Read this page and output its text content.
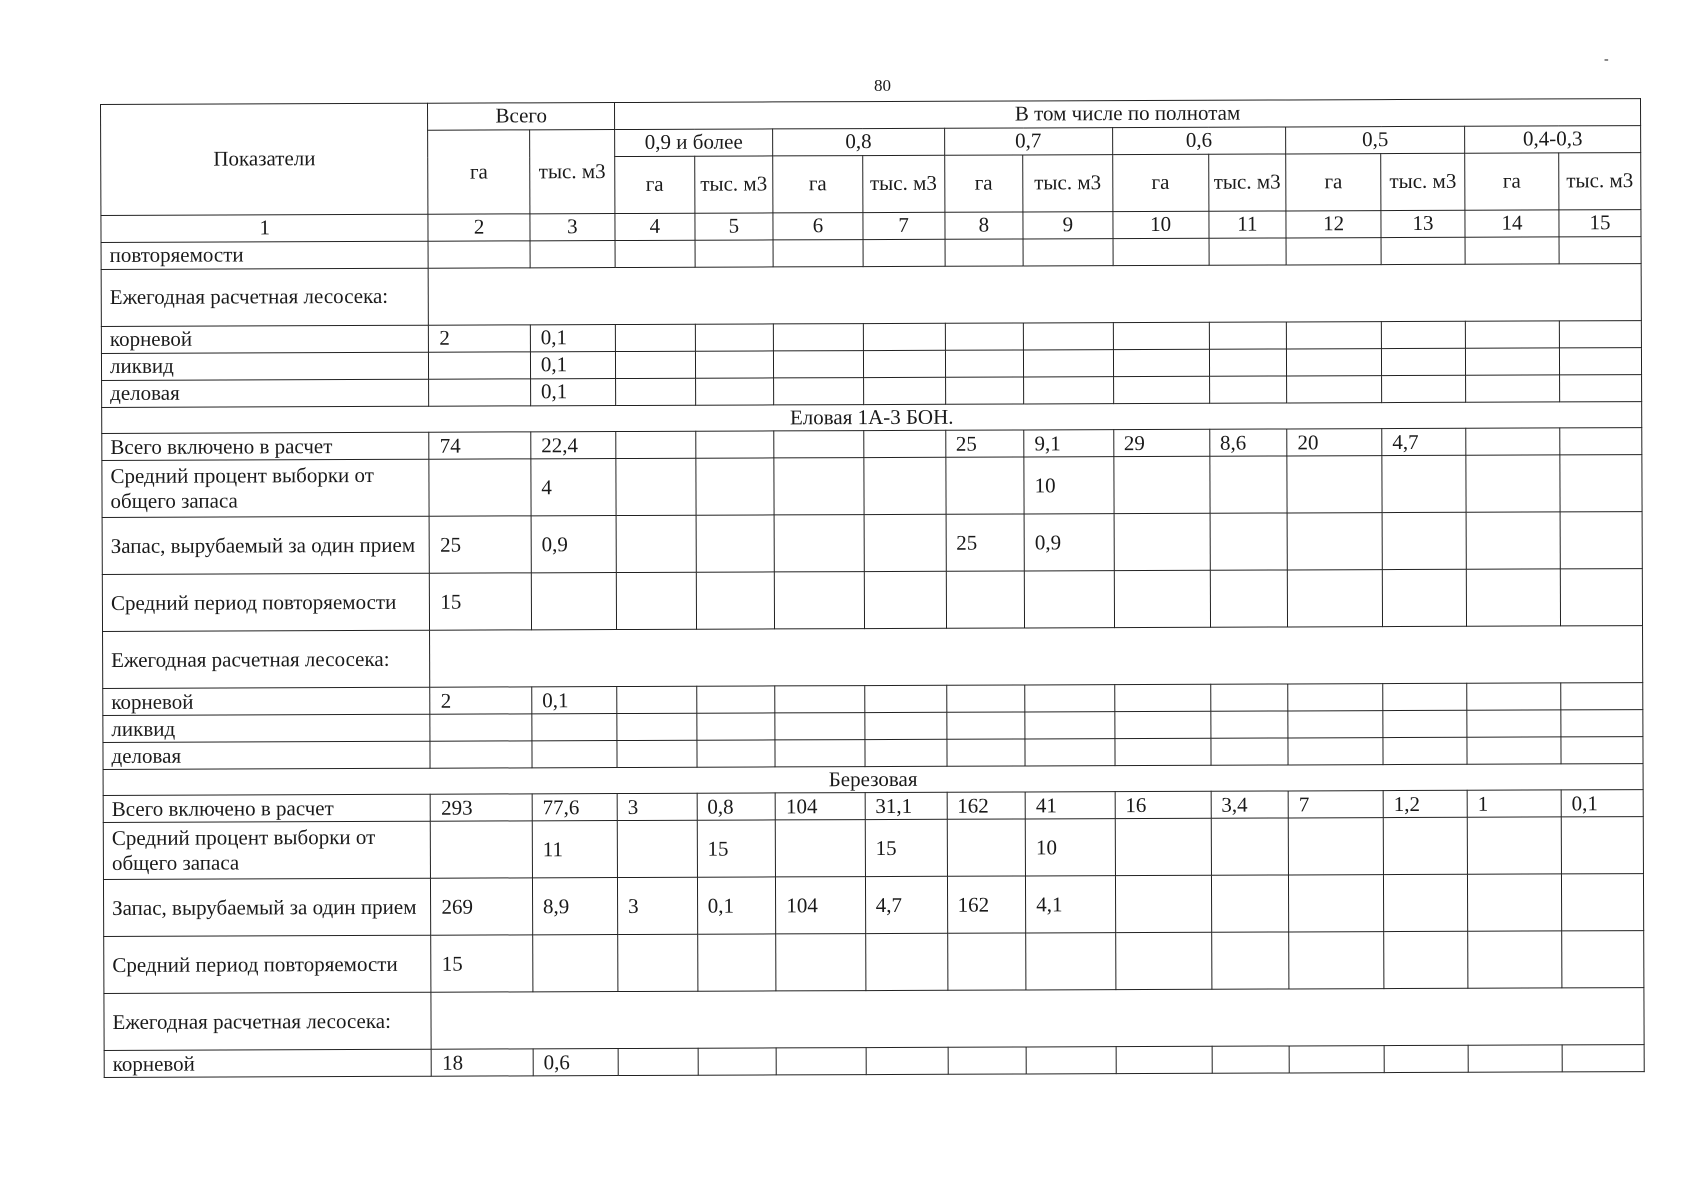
80
-
Показатели	Всего		В том числе по полнотам											
	га	тыс. м3	0,9 и более		0,8		0,7		0,6		0,5		0,4-0,3	
			га	тыс. м3	га	тыс. м3	га	тыс. м3	га	тыс. м3	га	тыс. м3	га	тыс. м3
1	2	3	4	5	6	7	8	9	10	11	12	13	14	15
повторяемости														
Ежегодная расчетная лесосека:														
корневой	2	0,1												
ликвид		0,1												
деловая		0,1												
Еловая 1А-3 БОН.														
Всего включено в расчет	74	22,4					25	9,1	29	8,6	20	4,7		
Средний процент выборки от общего запаса		4						10						
Запас, вырубаемый за один прием	25	0,9					25	0,9						
Средний период повторяемости	15													
Ежегодная расчетная лесосека:														
корневой	2	0,1												
ликвид														
деловая														
Березовая														
Всего включено в расчет	293	77,6	3	0,8	104	31,1	162	41	16	3,4	7	1,2	1	0,1
Средний процент выборки от общего запаса		11		15		15		10						
Запас, вырубаемый за один прием	269	8,9	3	0,1	104	4,7	162	4,1						
Средний период повторяемости	15													
Ежегодная расчетная лесосека:														
корневой	18	0,6												
